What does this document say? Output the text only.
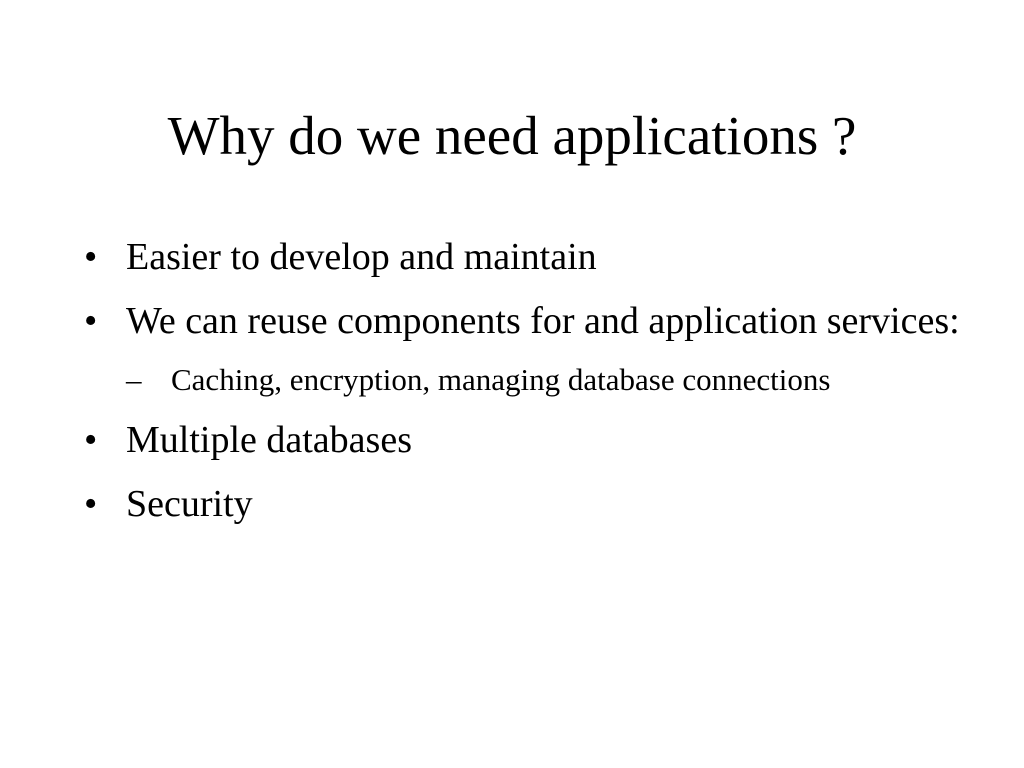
Why do we need applications ?
• Easier to develop and maintain
• We can reuse components for and application services:
– Caching, encryption, managing database connections
• Multiple databases
• Security
